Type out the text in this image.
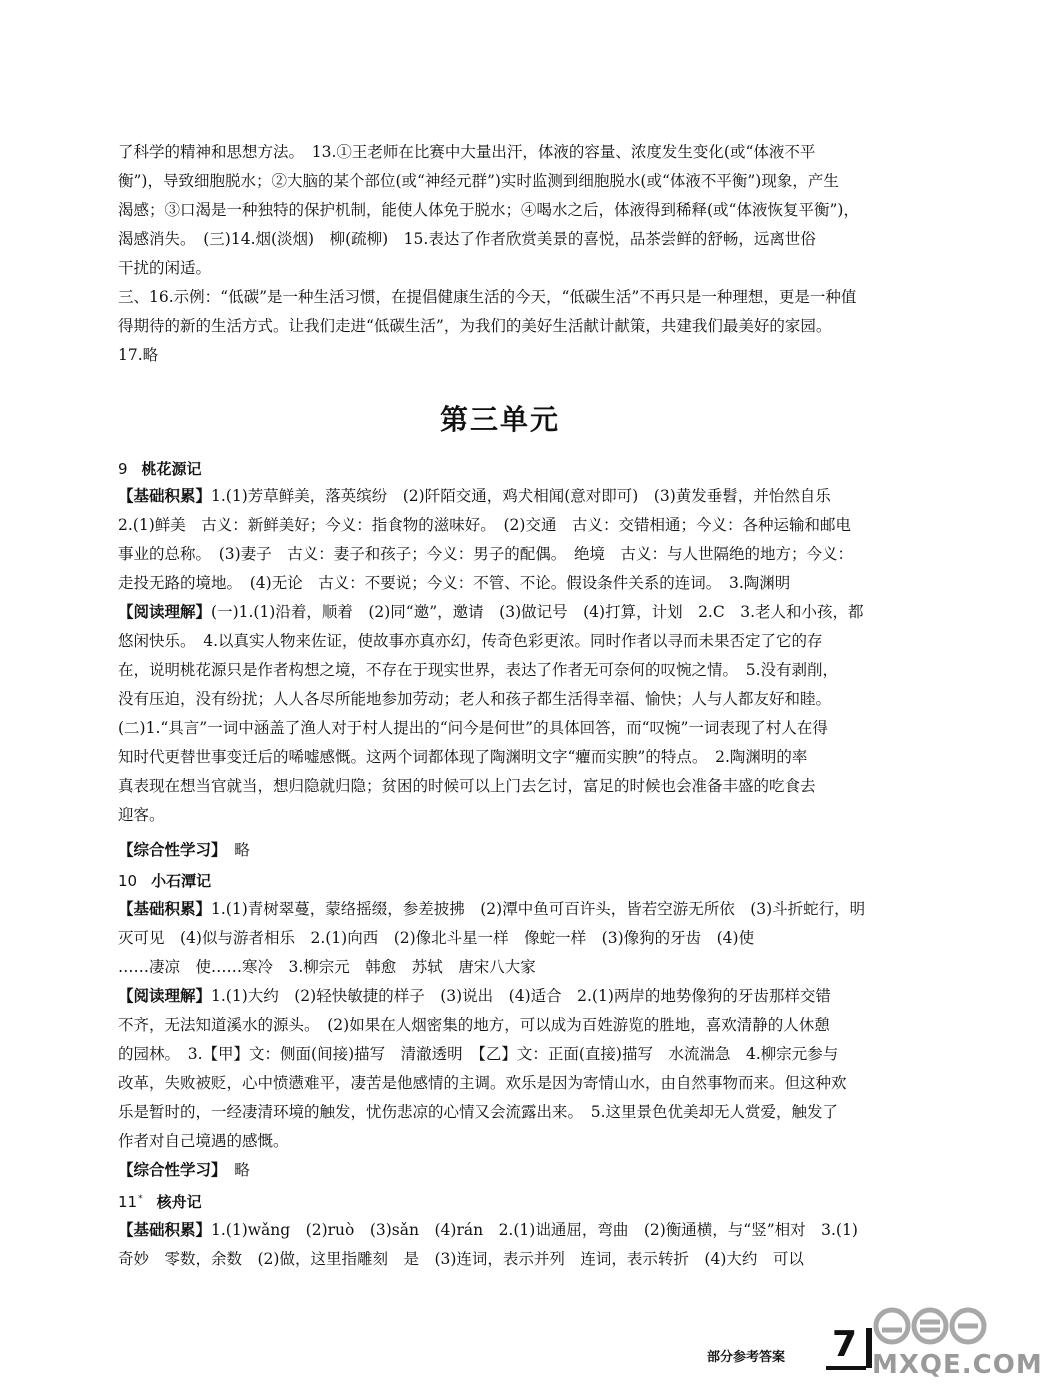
了科学的精神和思想方法。　13.①王老师在比赛中大量出汗，体液的容量、浓度发生变化(或“体液不平
衡”)，导致细胞脱水；②大脑的某个部位(或“神经元群”)实时监测到细胞脱水(或“体液不平衡”)现象，产生
渴感；③口渴是一种独特的保护机制，能使人体免于脱水；④喝水之后，体液得到稀释(或“体液恢复平衡”)，
渴感消失。　(三)14.烟(淡烟)　柳(疏柳)　15.表达了作者欣赏美景的喜悦，品茶尝鲜的舒畅，远离世俗
干扰的闲适。
三、16.示例：“低碳”是一种生活习惯，在提倡健康生活的今天，“低碳生活”不再只是一种理想，更是一种值
得期待的新的生活方式。让我们走进“低碳生活”，为我们的美好生活献计献策，共建我们最美好的家园。
17.略
第三单元
9 桃花源记
【基础积累】1.(1)芳草鲜美，落英缤纷　(2)阡陌交通，鸡犬相闻(意对即可)　(3)黄发垂髫，并怡然自乐
2.(1)鲜美　古义：新鲜美好；今义：指食物的滋味好。　(2)交通　古义：交错相通；今义：各种运输和邮电
事业的总称。　(3)妻子　古义：妻子和孩子；今义：男子的配偶。　绝境　古义：与人世隔绝的地方；今义：
走投无路的境地。　(4)无论　古义：不要说；今义：不管、不论。假设条件关系的连词。　3.陶渊明
【阅读理解】(一)1.(1)沿着，顺着　(2)同“邀”，邀请　(3)做记号　(4)打算，计划　2.C　3.老人和小孩，都
悠闲快乐。　4.以真实人物来佐证，使故事亦真亦幻，传奇色彩更浓。同时作者以寻而未果否定了它的存
在，说明桃花源只是作者构想之境，不存在于现实世界，表达了作者无可奈何的叹惋之情。　5.没有剥削，
没有压迫，没有纷扰；人人各尽所能地参加劳动；老人和孩子都生活得幸福、愉快；人与人都友好和睦。
(二)1.“具言”一词中涵盖了渔人对于村人提出的“问今是何世”的具体回答，而“叹惋”一词表现了村人在得
知时代更替世事变迁后的唏嘘感慨。这两个词都体现了陶渊明文字“癯而实腴”的特点。　2.陶渊明的率
真表现在想当官就当，想归隐就归隐；贫困的时候可以上门去乞讨，富足的时候也会准备丰盛的吃食去
迎客。
【综合性学习】　 略
10 小石潭记
【基础积累】1.(1)青树翠蔓，蒙络摇缀，参差披拂　(2)潭中鱼可百许头，皆若空游无所依　(3)斗折蛇行，明
灭可见　(4)似与游者相乐　2.(1)向西　(2)像北斗星一样　像蛇一样　(3)像狗的牙齿　(4)使
……凄凉　使……寒冷　3.柳宗元　韩愈　苏轼　唐宋八大家
【阅读理解】1.(1)大约　(2)轻快敏捷的样子　(3)说出　(4)适合　2.(1)两岸的地势像狗的牙齿那样交错
不齐，无法知道溪水的源头。　(2)如果在人烟密集的地方，可以成为百姓游览的胜地，喜欢清静的人休憩
的园林。　3.【甲】文：侧面(间接)描写　清澈透明　【乙】文：正面(直接)描写　水流湍急　4.柳宗元参与
改革，失败被贬，心中愤懑难平，凄苦是他感情的主调。欢乐是因为寄情山水，由自然事物而来。但这种欢
乐是暂时的，一经凄清环境的触发，忧伤悲凉的心情又会流露出来。　5.这里景色优美却无人赏爱，触发了
作者对自己境遇的感慨。
【综合性学习】　 略
11* 核舟记
【基础积累】1.(1)wǎng　(2)ruò　(3)sǎn　(4)rán　2.(1)诎通屈，弯曲　(2)衡通横，与“竖”相对　3.(1)
奇妙　零数，余数　(2)做，这里指雕刻　是　(3)连词，表示并列　连词，表示转折　(4)大约　可以
部分参考答案 7 MXQE.COM
